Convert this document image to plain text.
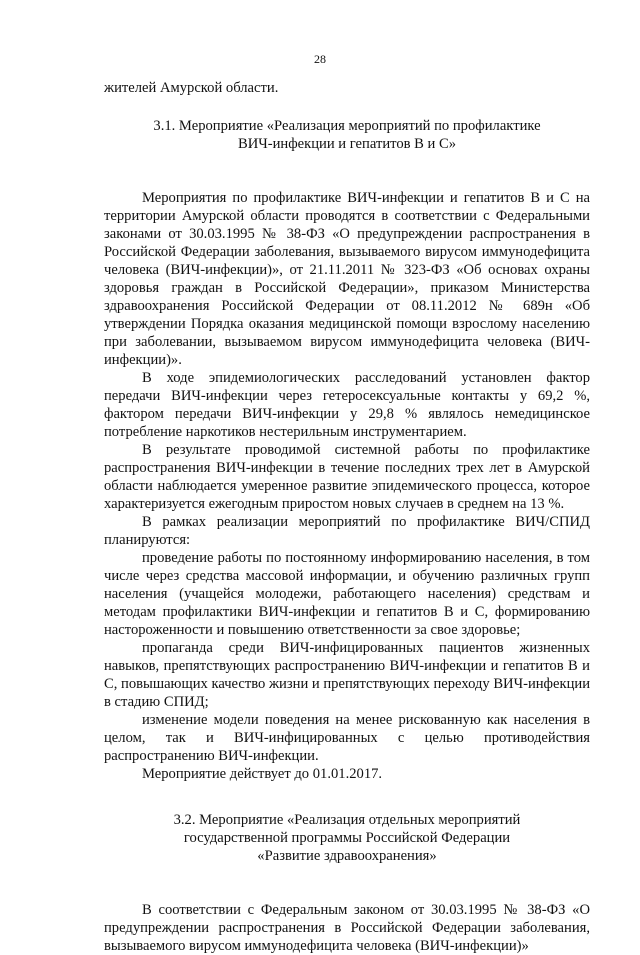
28

жителей Амурской области.

3.1. Мероприятие «Реализация мероприятий по профилактике
ВИЧ-инфекции и гепатитов В и С»

Мероприятия по профилактике ВИЧ-инфекции и гепатитов В и С на территории Амурской области проводятся в соответствии с Федеральными законами от 30.03.1995 № 38-ФЗ «О предупреждении распространения в Российской Федерации заболевания, вызываемого вирусом иммунодефицита человека (ВИЧ-инфекции)», от 21.11.2011 № 323-ФЗ «Об основах охраны здоровья граждан в Российской Федерации», приказом Министерства здравоохранения Российской Федерации от 08.11.2012 № 689н «Об утверждении Порядка оказания медицинской помощи взрослому населению при заболевании, вызываемом вирусом иммунодефицита человека (ВИЧ-инфекции)».

В ходе эпидемиологических расследований установлен фактор передачи ВИЧ-инфекции через гетеросексуальные контакты у 69,2 %, фактором передачи ВИЧ-инфекции у 29,8 % являлось немедицинское потребление наркотиков нестерильным инструментарием.

В результате проводимой системной работы по профилактике распространения ВИЧ-инфекции в течение последних трех лет в Амурской области наблюдается умеренное развитие эпидемического процесса, которое характеризуется ежегодным приростом новых случаев в среднем на 13 %.

В рамках реализации мероприятий по профилактике ВИЧ/СПИД планируются:

проведение работы по постоянному информированию населения, в том числе через средства массовой информации, и обучению различных групп населения (учащейся молодежи, работающего населения) средствам и методам профилактики ВИЧ-инфекции и гепатитов В и С, формированию настороженности и повышению ответственности за свое здоровье;

пропаганда среди ВИЧ-инфицированных пациентов жизненных навыков, препятствующих распространению ВИЧ-инфекции и гепатитов В и С, повышающих качество жизни и препятствующих переходу ВИЧ-инфекции в стадию СПИД;

изменение модели поведения на менее рискованную как населения в целом, так и ВИЧ-инфицированных с целью противодействия распространению ВИЧ-инфекции.

Мероприятие действует до 01.01.2017.

3.2. Мероприятие «Реализация отдельных мероприятий
государственной программы Российской Федерации
«Развитие здравоохранения»

В соответствии с Федеральным законом от 30.03.1995 № 38-ФЗ «О предупреждении распространения в Российской Федерации заболевания, вызываемого вирусом иммунодефицита человека (ВИЧ-инфекции)»
